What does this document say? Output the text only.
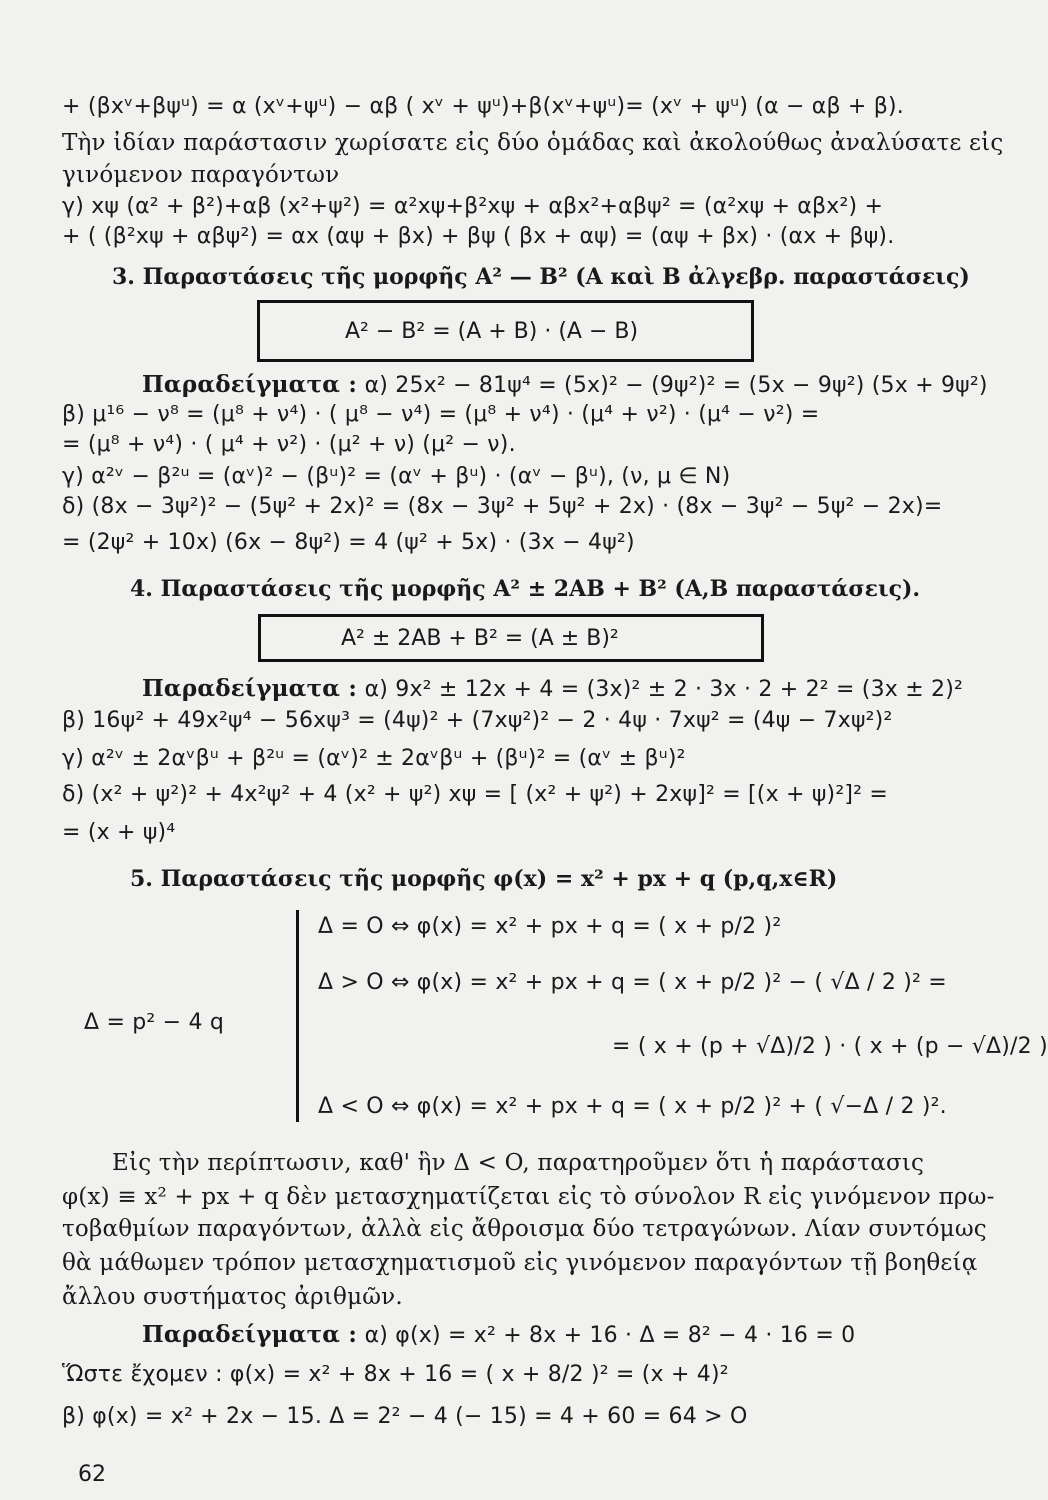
+ (βxᵛ+βψᵘ) = α (xᵛ+ψᵘ) − αβ ( xᵛ + ψᵘ)+β(xᵛ+ψᵘ)= (xᵛ + ψᵘ) (α − αβ + β).
Τὴν ἰδίαν παράστασιν χωρίσατε εἰς δύο ὁμάδας καὶ ἀκολούθως ἀναλύσατε εἰς
γινόμενον παραγόντων
γ) xψ (α² + β²)+αβ (x²+ψ²) = α²xψ+β²xψ + αβx²+αβψ² = (α²xψ + αβx²) +
+ ( (β²xψ + αβψ²) = αx (αψ + βx) + βψ ( βx + αψ) = (αψ + βx) · (αx + βψ).
3. Παραστάσεις τῆς μορφῆς A² — B² (A καὶ B ἀλγεβρ. παραστάσεις)
A² − B² = (A + B) · (A − B)
Παραδείγματα : α) 25x² − 81ψ⁴ = (5x)² − (9ψ²)² = (5x − 9ψ²) (5x + 9ψ²)
β) μ¹⁶ − ν⁸ = (μ⁸ + ν⁴) · ( μ⁸ − ν⁴) = (μ⁸ + ν⁴) · (μ⁴ + ν²) · (μ⁴ − ν²) =
= (μ⁸ + ν⁴) · ( μ⁴ + ν²) · (μ² + ν) (μ² − ν).
γ) α²ᵛ − β²ᵘ = (αᵛ)² − (βᵘ)² = (αᵛ + βᵘ) · (αᵛ − βᵘ), (ν, μ ∈ N)
δ) (8x − 3ψ²)² − (5ψ² + 2x)² = (8x − 3ψ² + 5ψ² + 2x) · (8x − 3ψ² − 5ψ² − 2x)=
= (2ψ² + 10x) (6x − 8ψ²) = 4 (ψ² + 5x) · (3x − 4ψ²)
4. Παραστάσεις τῆς μορφῆς A² ± 2AB + B² (A,B παραστάσεις).
A² ± 2AB + B² = (A ± B)²
Παραδείγματα : α) 9x² ± 12x + 4 = (3x)² ± 2 · 3x · 2 + 2² = (3x ± 2)²
β) 16ψ² + 49x²ψ⁴ − 56xψ³ = (4ψ)² + (7xψ²)² − 2 · 4ψ · 7xψ² = (4ψ − 7xψ²)²
γ) α²ᵛ ± 2αᵛβᵘ + β²ᵘ = (αᵛ)² ± 2αᵛβᵘ + (βᵘ)² = (αᵛ ± βᵘ)²
δ) (x² + ψ²)² + 4x²ψ² + 4 (x² + ψ²) xψ = [ (x² + ψ²) + 2xψ]² = [(x + ψ)²]² =
= (x + ψ)⁴
5. Παραστάσεις τῆς μορφῆς φ(x) = x² + px + q (p,q,x∈R)
Δ = p² − 4 q
Δ = O ⇔ φ(x) = x² + px + q = ( x + p/2 )²
Δ > O ⇔ φ(x) = x² + px + q = ( x + p/2 )² − ( √Δ / 2 )² =
= ( x + (p + √Δ)/2 ) · ( x + (p − √Δ)/2 )
Δ < O ⇔ φ(x) = x² + px + q = ( x + p/2 )² + ( √−Δ / 2 )².
Εἰς τὴν περίπτωσιν, καθ' ἣν Δ < O, παρατηροῦμεν ὅτι ἡ παράστασις
φ(x) ≡ x² + px + q δὲν μετασχηματίζεται εἰς τὸ σύνολον R εἰς γινόμενον πρω-
τοβαθμίων παραγόντων, ἀλλὰ εἰς ἄθροισμα δύο τετραγώνων. Λίαν συντόμως
θὰ μάθωμεν τρόπον μετασχηματισμοῦ εἰς γινόμενον παραγόντων τῇ βοηθείᾳ
ἄλλου συστήματος ἀριθμῶν.
Παραδείγματα : α) φ(x) = x² + 8x + 16 · Δ = 8² − 4 · 16 = 0
Ὥστε ἔχομεν : φ(x) = x² + 8x + 16 = ( x + 8/2 )² = (x + 4)²
β) φ(x) = x² + 2x − 15. Δ = 2² − 4 (− 15) = 4 + 60 = 64 > O
62
